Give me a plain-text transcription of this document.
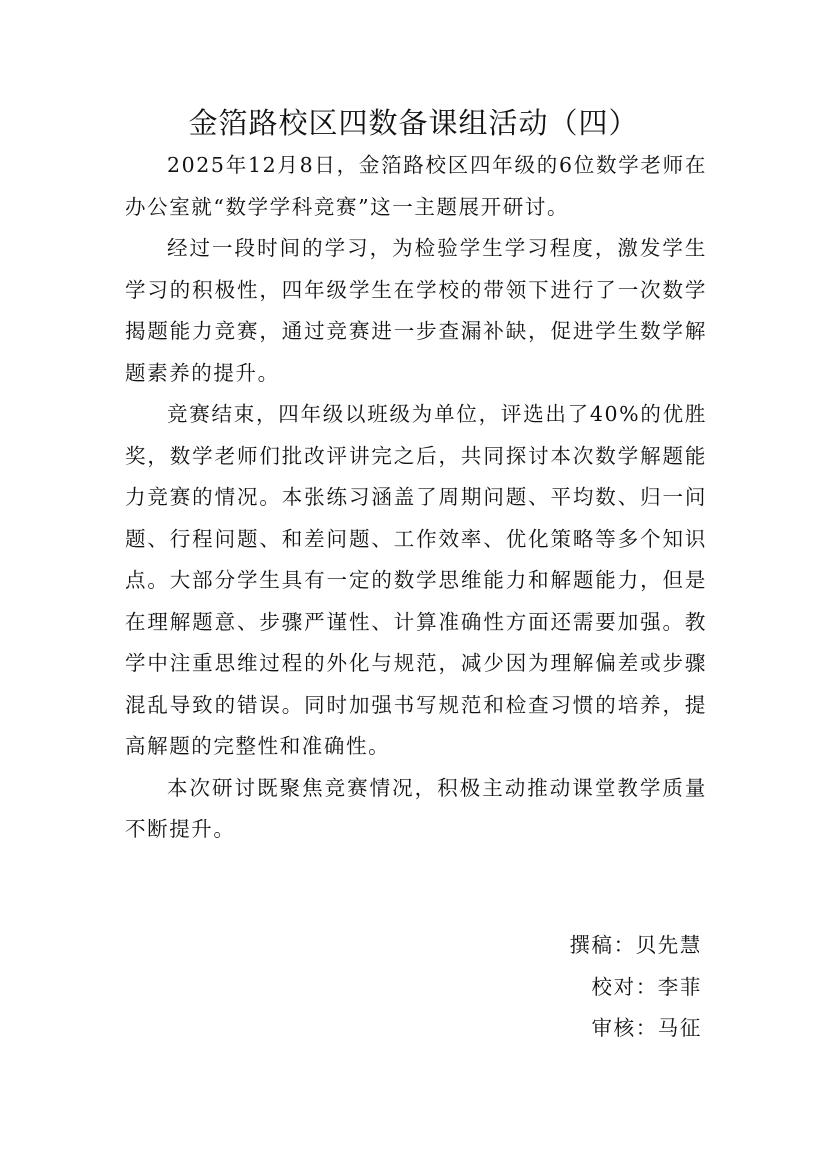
金箔路校区四数备课组活动（四）

2025年12月8日，金箔路校区四年级的6位数学老师在办公室就“数学学科竞赛”这一主题展开研讨。

经过一段时间的学习，为检验学生学习程度，激发学生学习的积极性，四年级学生在学校的带领下进行了一次数学揭题能力竞赛，通过竞赛进一步查漏补缺，促进学生数学解题素养的提升。

竞赛结束，四年级以班级为单位，评选出了40%的优胜奖，数学老师们批改评讲完之后，共同探讨本次数学解题能力竞赛的情况。本张练习涵盖了周期问题、平均数、归一问题、行程问题、和差问题、工作效率、优化策略等多个知识点。大部分学生具有一定的数学思维能力和解题能力，但是在理解题意、步骤严谨性、计算准确性方面还需要加强。教学中注重思维过程的外化与规范，减少因为理解偏差或步骤混乱导致的错误。同时加强书写规范和检查习惯的培养，提高解题的完整性和准确性。

本次研讨既聚焦竞赛情况，积极主动推动课堂教学质量不断提升。

撰稿：贝先慧
校对：李菲
审核：马征
